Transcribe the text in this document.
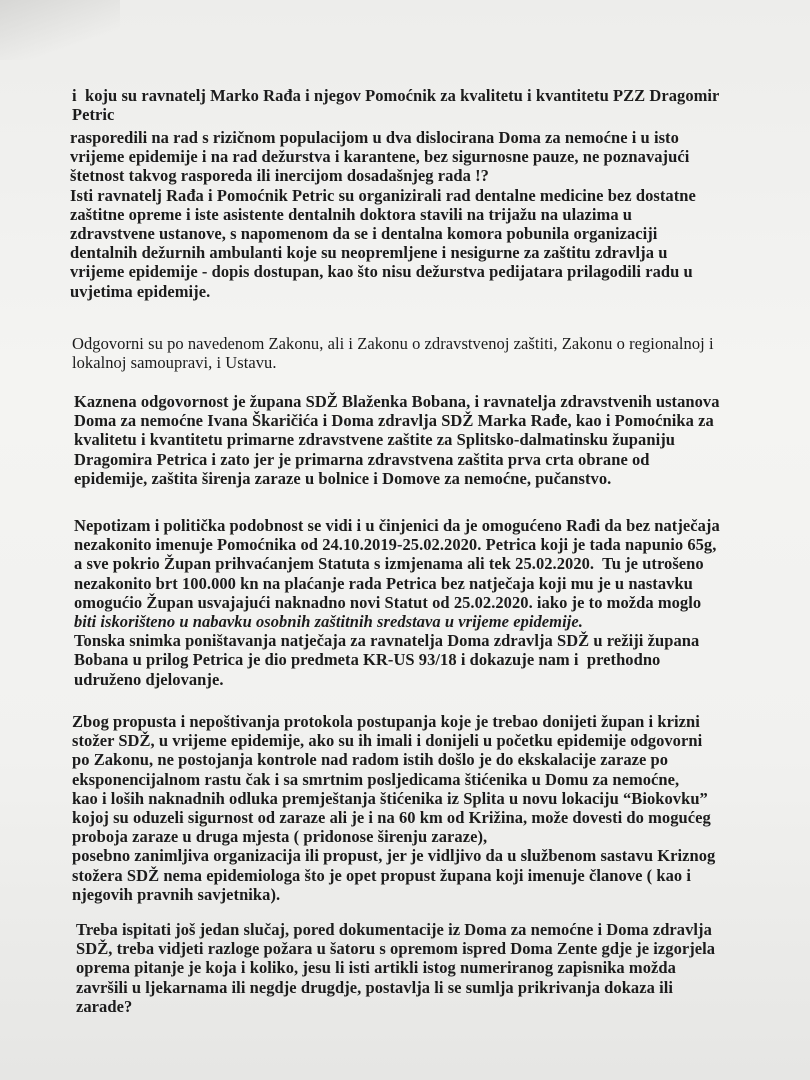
i  koju su ravnatelj Marko Rađa i njegov Pomoćnik za kvalitetu i kvantitetu PZZ Dragomir
Petric

rasporedili na rad s rizičnom populacijom u dva dislocirana Doma za nemoćne i u isto
vrijeme epidemije i na rad dežurstva i karantene, bez sigurnosne pauze, ne poznavajući
štetnost takvog rasporeda ili inercijom dosadašnjeg rada !?
Isti ravnatelj Rađa i Pomoćnik Petric su organizirali rad dentalne medicine bez dostatne
zaštitne opreme i iste asistente dentalnih doktora stavili na trijažu na ulazima u
zdravstvene ustanove, s napomenom da se i dentalna komora pobunila organizaciji
dentalnih dežurnih ambulanti koje su neopremljene i nesigurne za zaštitu zdravlja u
vrijeme epidemije - dopis dostupan, kao što nisu dežurstva pedijatara prilagodili radu u
uvjetima epidemije.

Odgovorni su po navedenom Zakonu, ali i Zakonu o zdravstvenoj zaštiti, Zakonu o regionalnoj i
lokalnoj samoupravi, i Ustavu.

Kaznena odgovornost je župana SDŽ Blaženka Bobana, i ravnatelja zdravstvenih ustanova
Doma za nemoćne Ivana Škaričića i Doma zdravlja SDŽ Marka Rađe, kao i Pomoćnika za
kvalitetu i kvantitetu primarne zdravstvene zaštite za Splitsko-dalmatinsku županiju
Dragomira Petrica i zato jer je primarna zdravstvena zaštita prva crta obrane od
epidemije, zaštita širenja zaraze u bolnice i Domove za nemoćne, pučanstvo.

Nepotizam i politička podobnost se vidi i u činjenici da je omogućeno Rađi da bez natječaja
nezakonito imenuje Pomoćnika od 24.10.2019-25.02.2020. Petrica koji je tada napunio 65g,
a sve pokrio Župan prihvaćanjem Statuta s izmjenama ali tek 25.02.2020.  Tu je utrošeno
nezakonito brt 100.000 kn na plaćanje rada Petrica bez natječaja koji mu je u nastavku
omogućio Župan usvajajući naknadno novi Statut od 25.02.2020. iako je to možda moglo
biti iskorišteno u nabavku osobnih zaštitnih sredstava u vrijeme epidemije.
Tonska snimka poništavanja natječaja za ravnatelja Doma zdravlja SDŽ u režiji župana
Bobana u prilog Petrica je dio predmeta KR-US 93/18 i dokazuje nam i  prethodno
udruženo djelovanje.

Zbog propusta i nepoštivanja protokola postupanja koje je trebao donijeti župan i krizni
stožer SDŽ, u vrijeme epidemije, ako su ih imali i donijeli u početku epidemije odgovorni
po Zakonu, ne postojanja kontrole nad radom istih došlo je do ekskalacije zaraze po
eksponencijalnom rastu čak i sa smrtnim posljedicama štićenika u Domu za nemoćne,
kao i loših naknadnih odluka premještanja štićenika iz Splita u novu lokaciju “Biokovku”
kojoj su oduzeli sigurnost od zaraze ali je i na 60 km od Križina, može dovesti do mogućeg
proboja zaraze u druga mjesta ( pridonose širenju zaraze),
posebno zanimljiva organizacija ili propust, jer je vidljivo da u službenom sastavu Kriznog
stožera SDŽ nema epidemiologa što je opet propust župana koji imenuje članove ( kao i
njegovih pravnih savjetnika).

Treba ispitati još jedan slučaj, pored dokumentacije iz Doma za nemoćne i Doma zdravlja
SDŽ, treba vidjeti razloge požara u šatoru s opremom ispred Doma Zente gdje je izgorjela
oprema pitanje je koja i koliko, jesu li isti artikli istog numeriranog zapisnika možda
završili u ljekarnama ili negdje drugdje, postavlja li se sumlja prikrivanja dokaza ili
zarade?
